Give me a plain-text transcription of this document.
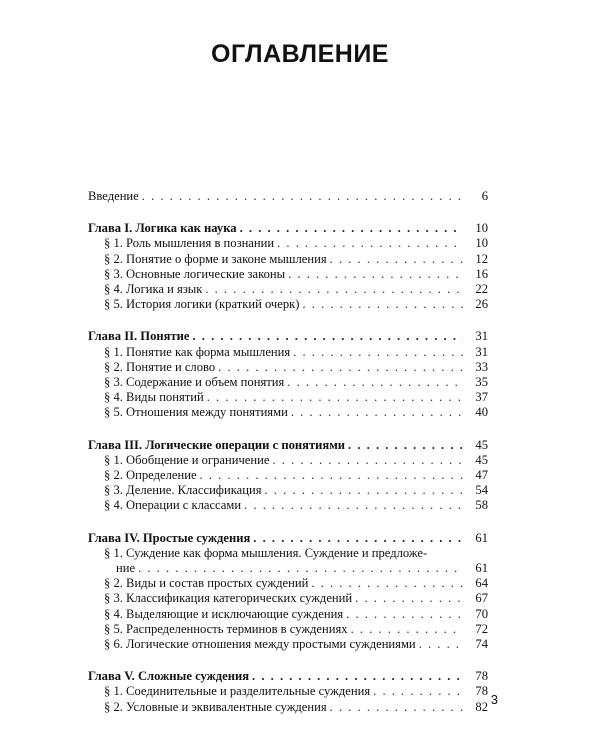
ОГЛАВЛЕНИЕ
Введение . . .	6
Глава I. Логика как наука . . .	10
§ 1. Роль мышления в познании . . .	10
§ 2. Понятие о форме и законе мышления . . .	12
§ 3. Основные логические законы . . .	16
§ 4. Логика и язык . . .	22
§ 5. История логики (краткий очерк) . . .	26
Глава II. Понятие . . .	31
§ 1. Понятие как форма мышления . . .	31
§ 2. Понятие и слово . . .	33
§ 3. Содержание и объем понятия . . .	35
§ 4. Виды понятий . . .	37
§ 5. Отношения между понятиями . . .	40
Глава III. Логические операции с понятиями . . .	45
§ 1. Обобщение и ограничение . . .	45
§ 2. Определение . . .	47
§ 3. Деление. Классификация . . .	54
§ 4. Операции с классами . . .	58
Глава IV. Простые суждения . . .	61
§ 1. Суждение как форма мышления. Суждение и предложе-
ние . . .	61
§ 2. Виды и состав простых суждений . . .	64
§ 3. Классификация категорических суждений . . .	67
§ 4. Выделяющие и исключающие суждения . . .	70
§ 5. Распределенность терминов в суждениях . . .	72
§ 6. Логические отношения между простыми суждениями . . .	74
Глава V. Сложные суждения . . .	78
§ 1. Соединительные и разделительные суждения . . .	78
§ 2. Условные и эквивалентные суждения . . .	82 3
